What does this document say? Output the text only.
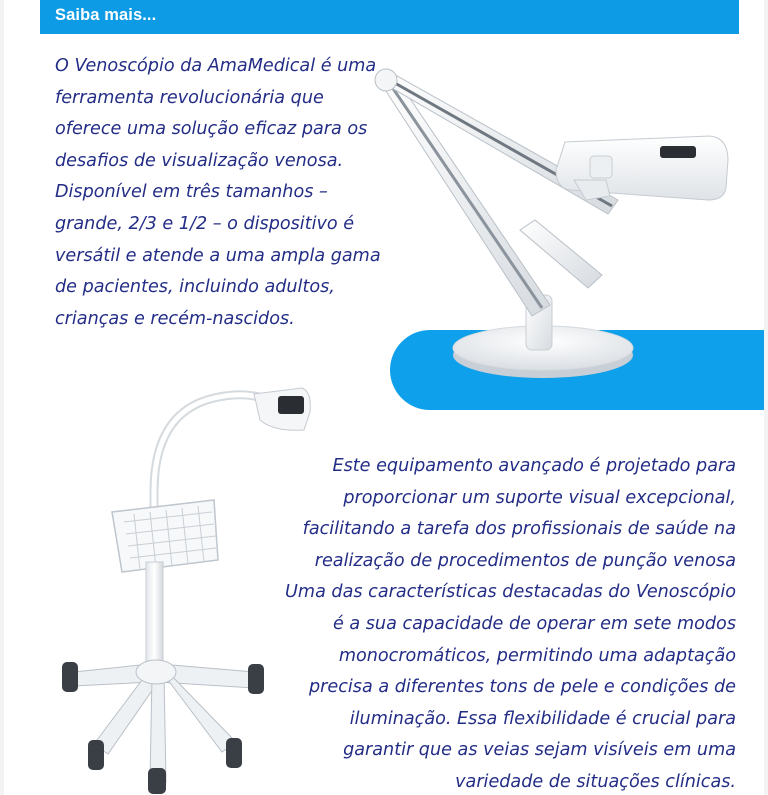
Saiba mais...

O Venoscópio da AmaMedical é uma ferramenta revolucionária que oferece uma solução eficaz para os desafios de visualização venosa. Disponível em três tamanhos – grande, 2/3 e 1/2 – o dispositivo é versátil e atende a uma ampla gama de pacientes, incluindo adultos, crianças e recém-nascidos.

Este equipamento avançado é projetado para proporcionar um suporte visual excepcional, facilitando a tarefa dos profissionais de saúde na realização de procedimentos de punção venosa Uma das características destacadas do Venoscópio é a sua capacidade de operar em sete modos monocromáticos, permitindo uma adaptação precisa a diferentes tons de pele e condições de iluminação. Essa flexibilidade é crucial para garantir que as veias sejam visíveis em uma variedade de situações clínicas.
